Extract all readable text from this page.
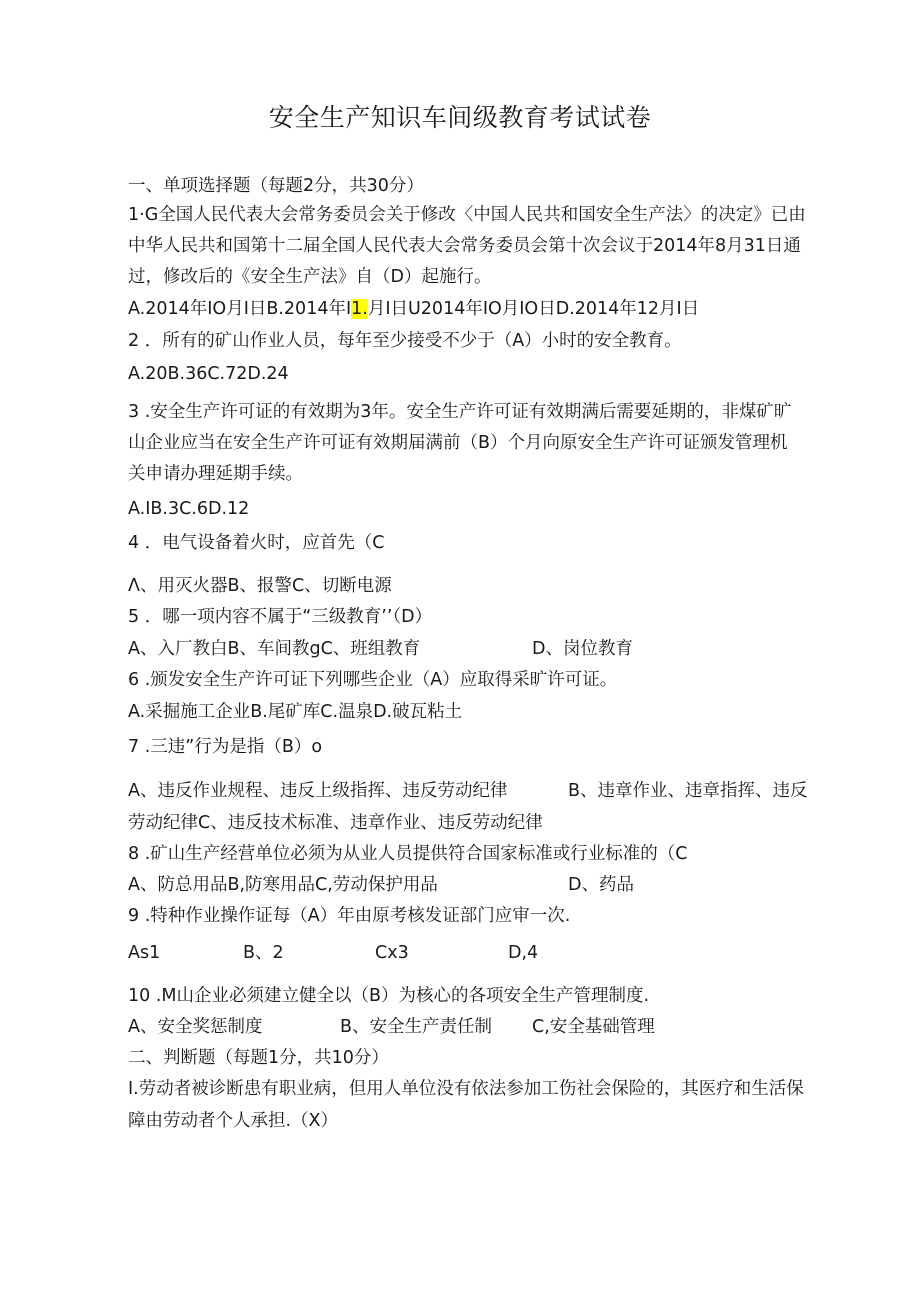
安全生产知识车间级教育考试试卷
一、单项选择题（每题2分，共30分）
1·G全国人民代表大会常务委员会关于修改〈中国人民共和国安全生产法〉的决定》已由
中华人民共和国第十二届全国人民代表大会常务委员会第十次会议于2014年8月31日通
过，修改后的《安全生产法》自（D）起施行。
A.2014年IO月I日B.2014年I1.月I日U2014年IO月IO日D.2014年12月I日
2 ．所有的矿山作业人员，每年至少接受不少于（A）小时的安全教育。
A.20B.36C.72D.24
3 .安全生产许可证的有效期为3年。安全生产许可证有效期满后需要延期的，非煤矿旷
山企业应当在安全生产许可证有效期届满前（B）个月向原安全生产许可证颁发管理机
关申请办理延期手续。
A.IB.3C.6D.12
4 ．电气设备着火时，应首先（C
Λ、用灭火器B、报警C、切断电源
5 ．哪一项内容不属于“三级教育’’（D）
A、入厂教白B、车间教gC、班组教育	D、岗位教育
6 .颁发安全生产许可证下列哪些企业（A）应取得采旷许可证。
A.采掘施工企业B.尾矿库C.温泉D.破瓦粘土
7 .三违”行为是指（B）o
A、违反作业规程、违反上级指挥、违反劳动纪律	B、违章作业、违章指挥、违反
劳动纪律C、违反技术标准、违章作业、违反劳动纪律
8 .矿山生产经营单位必须为从业人员提供符合国家标准或行业标准的（C
A、防总用品B,防寒用品C,劳动保护用品	D、药品
9 .特种作业操作证每（A）年由原考核发证部门应审一次.
As1	B、2	Cx3	D,4
10 .M山企业必须建立健全以（B）为核心的各项安全生产管理制度.
A、安全奖惩制度	B、安全生产责任制 C,安全基础管理
二、判断题（每题1分，共10分）
I.劳动者被诊断患有职业病，但用人单位没有依法参加工伤社会保险的，其医疗和生活保
障由劳动者个人承担.（X）
